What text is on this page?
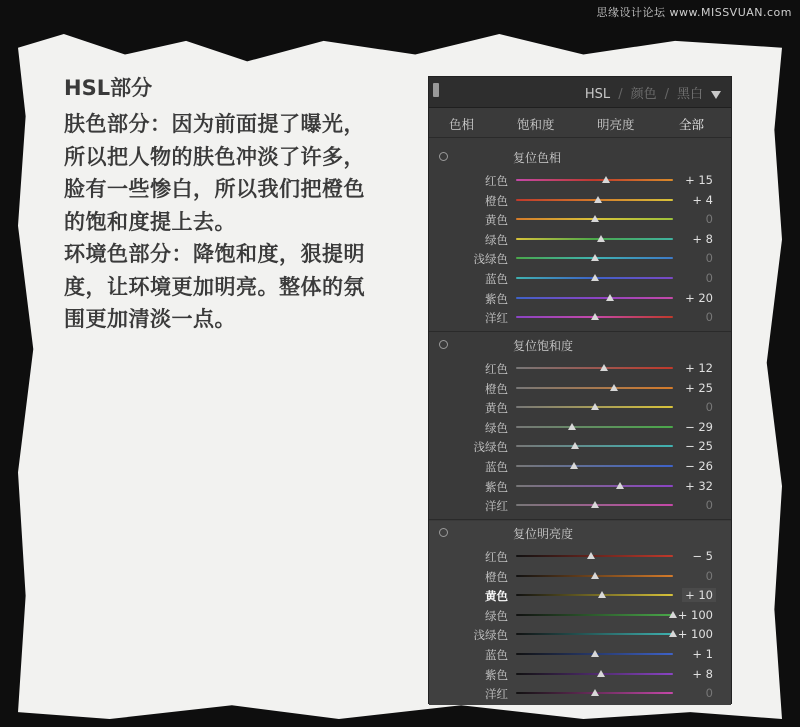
思缘设计论坛 www.MISSVUAN.com
HSL部分
肤色部分：因为前面提了曝光，
所以把人物的肤色冲淡了许多，
脸有一些惨白，所以我们把橙色
的饱和度提上去。
环境色部分：降饱和度，狠提明
度，让环境更加明亮。整体的氛
围更加清淡一点。
HSL / 颜色 / 黑白
色相	饱和度	明亮度	全部
复位色相
红色	+ 15
橙色	+ 4
黄色	0
绿色	+ 8
浅绿色	0
蓝色	0
紫色	+ 20
洋红	0
复位饱和度
红色	+ 12
橙色	+ 25
黄色	0
绿色	− 29
浅绿色	− 25
蓝色	− 26
紫色	+ 32
洋红	0
复位明亮度
红色	− 5
橙色	0
黄色	+ 10
绿色	+ 100
浅绿色	+ 100
蓝色	+ 1
紫色	+ 8
洋红	0
